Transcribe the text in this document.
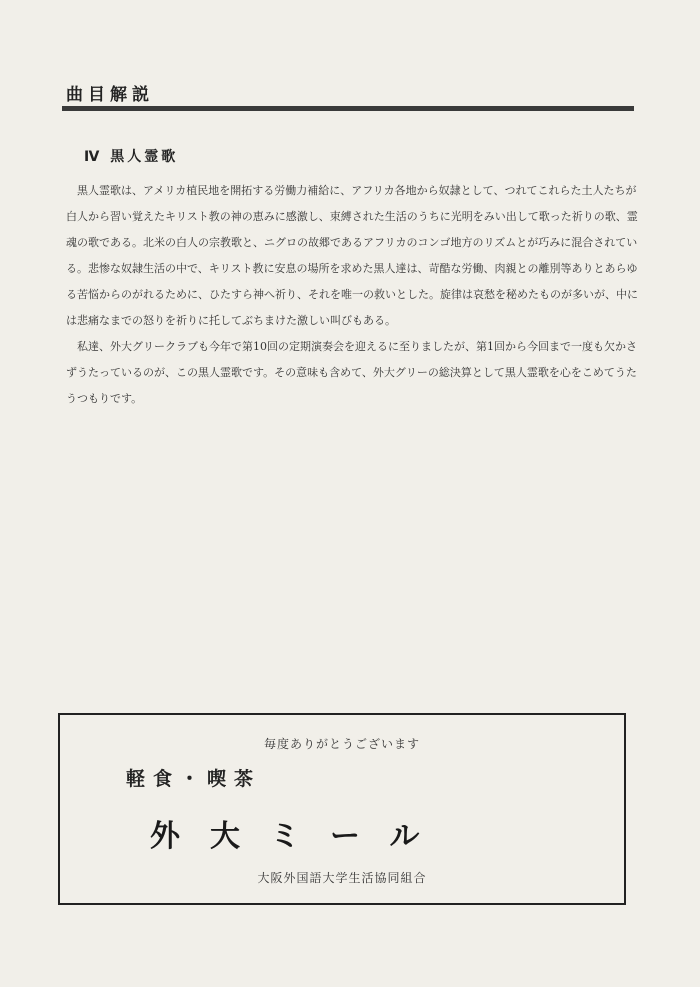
曲目解説
Ⅳ 黒人霊歌

黒人霊歌は、アメリカ植民地を開拓する労働力補給に、アフリカ各地から奴隷として、つれてこれらた土人たちが白人から習い覚えたキリスト教の神の恵みに感激し、束縛された生活のうちに光明をみい出して歌った祈りの歌、霊魂の歌である。北米の白人の宗教歌と、ニグロの故郷であるアフリカのコンゴ地方のリズムとが巧みに混合されている。悲惨な奴隷生活の中で、キリスト教に安息の場所を求めた黒人達は、苛酷な労働、肉親との離別等ありとあらゆる苦悩からのがれるために、ひたすら神へ祈り、それを唯一の救いとした。旋律は哀愁を秘めたものが多いが、中には悲痛なまでの怒りを祈りに托してぶちまけた激しい叫びもある。

私達、外大グリークラブも今年で第10回の定期演奏会を迎えるに至りましたが、第1回から今回まで一度も欠かさずうたっているのが、この黒人霊歌です。その意味も含めて、外大グリーの総決算として黒人霊歌を心をこめてうたうつもりです。

毎度ありがとうございます
軽食・喫茶
外大ミール
大阪外国語大学生活協同組合
